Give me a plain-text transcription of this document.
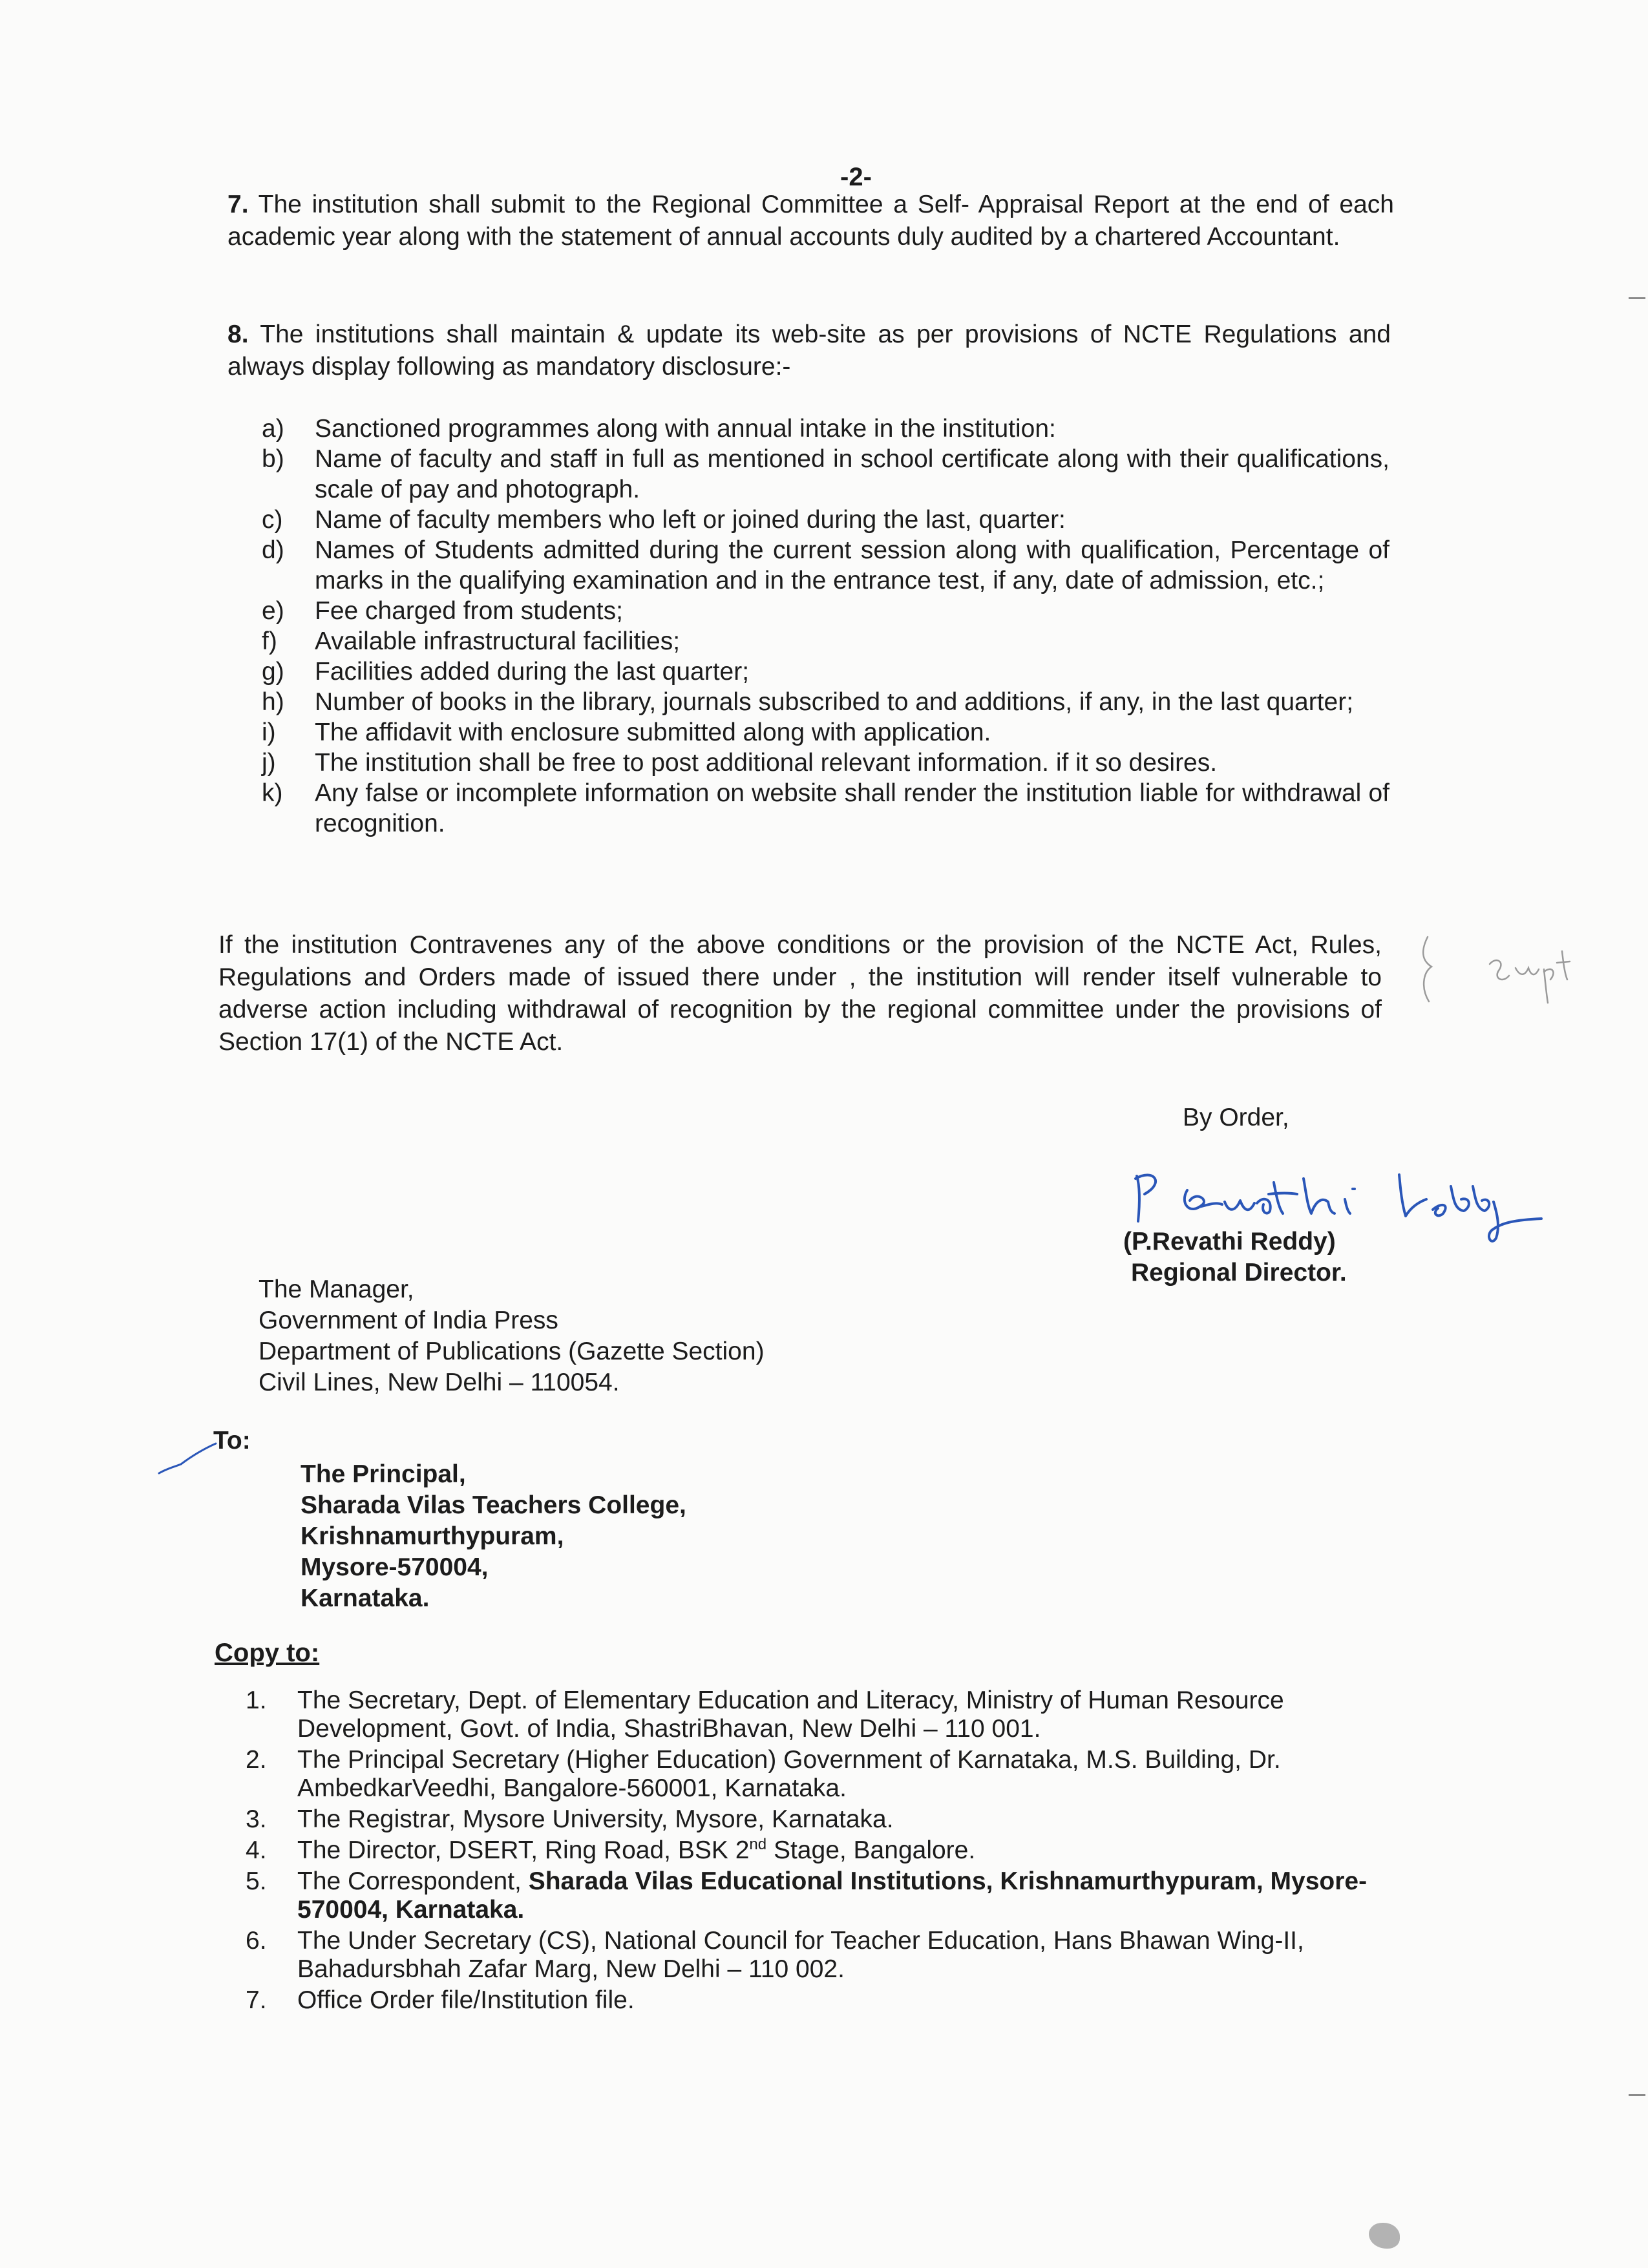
-2-

7. The institution shall submit to the Regional Committee a Self- Appraisal Report at the end of each academic year along with the statement of annual accounts duly audited by a chartered Accountant.

8. The institutions shall maintain & update its web-site as per provisions of NCTE Regulations and always display following as mandatory disclosure:-

a)	Sanctioned programmes along with annual intake in the institution:
b)	Name of faculty and staff in full as mentioned in school certificate along with their qualifications, scale of pay and photograph.
c)	Name of faculty members who left or joined during the last, quarter:
d)	Names of Students admitted during the current session along with qualification, Percentage of marks in the qualifying examination and in the entrance test, if any, date of admission, etc.;
e)	Fee charged from students;
f)	Available infrastructural facilities;
g)	Facilities added during the last quarter;
h)	Number of books in the library, journals subscribed to and additions, if any, in the last quarter;
i)	The affidavit with enclosure submitted along with application.
j)	The institution shall be free to post additional relevant information. if it so desires.
k)	Any false or incomplete information on website shall render the institution liable for withdrawal of recognition.

If the institution Contravenes any of the above conditions or the provision of the NCTE Act, Rules, Regulations and Orders made of issued there under , the institution will render itself vulnerable to adverse action including withdrawal of recognition by the regional committee under the provisions of Section 17(1) of the NCTE Act.

By Order,
(P.Revathi Reddy)
Regional Director.
The Manager,
Government of India Press
Department of Publications (Gazette Section)
Civil Lines, New Delhi – 110054.
To:
The Principal,
Sharada Vilas Teachers College,
Krishnamurthypuram,
Mysore-570004,
Karnataka.
Copy to:
1.	The Secretary, Dept. of Elementary Education and Literacy, Ministry of Human Resource Development, Govt. of India, ShastriBhavan, New Delhi – 110 001.
2.	The Principal Secretary (Higher Education) Government of Karnataka, M.S. Building, Dr. AmbedkarVeedhi, Bangalore-560001, Karnataka.
3.	The Registrar, Mysore University, Mysore, Karnataka.
4.	The Director, DSERT, Ring Road, BSK 2nd Stage, Bangalore.
5.	The Correspondent, Sharada Vilas Educational Institutions, Krishnamurthypuram, Mysore-570004, Karnataka.
6.	The Under Secretary (CS), National Council for Teacher Education, Hans Bhawan Wing-II, Bahadursbhah Zafar Marg, New Delhi – 110 002.
7.	Office Order file/Institution file.
